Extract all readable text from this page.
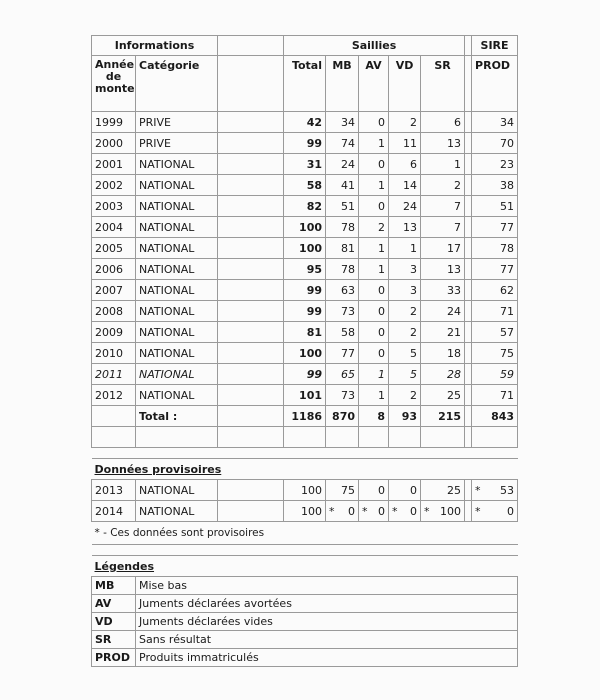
Informations			Saillies						SIRE
Année de monte	Catégorie		Total	MB	AV	VD	SR		PROD
1999	PRIVE		42	34	0	2	6		34
2000	PRIVE		99	74	1	11	13		70
2001	NATIONAL		31	24	0	6	1		23
2002	NATIONAL		58	41	1	14	2		38
2003	NATIONAL		82	51	0	24	7		51
2004	NATIONAL		100	78	2	13	7		77
2005	NATIONAL		100	81	1	1	17		78
2006	NATIONAL		95	78	1	3	13		77
2007	NATIONAL		99	63	0	3	33		62
2008	NATIONAL		99	73	0	2	24		71
2009	NATIONAL		81	58	0	2	21		57
2010	NATIONAL		100	77	0	5	18		75
2011	NATIONAL		99	65	1	5	28		59
2012	NATIONAL		101	73	1	2	25		71
	Total :		1186	870	8	93	215		843

Données provisoires									
2013	NATIONAL		100	75	0	0	25		* 53
2014	NATIONAL		100	* 0	* 0	* 0	* 100		* 0
* - Ces données sont provisoires									

Légendes									
MB	Mise bas								
AV	Juments déclarées avortées								
VD	Juments déclarées vides								
SR	Sans résultat								
PROD	Produits immatriculés								
